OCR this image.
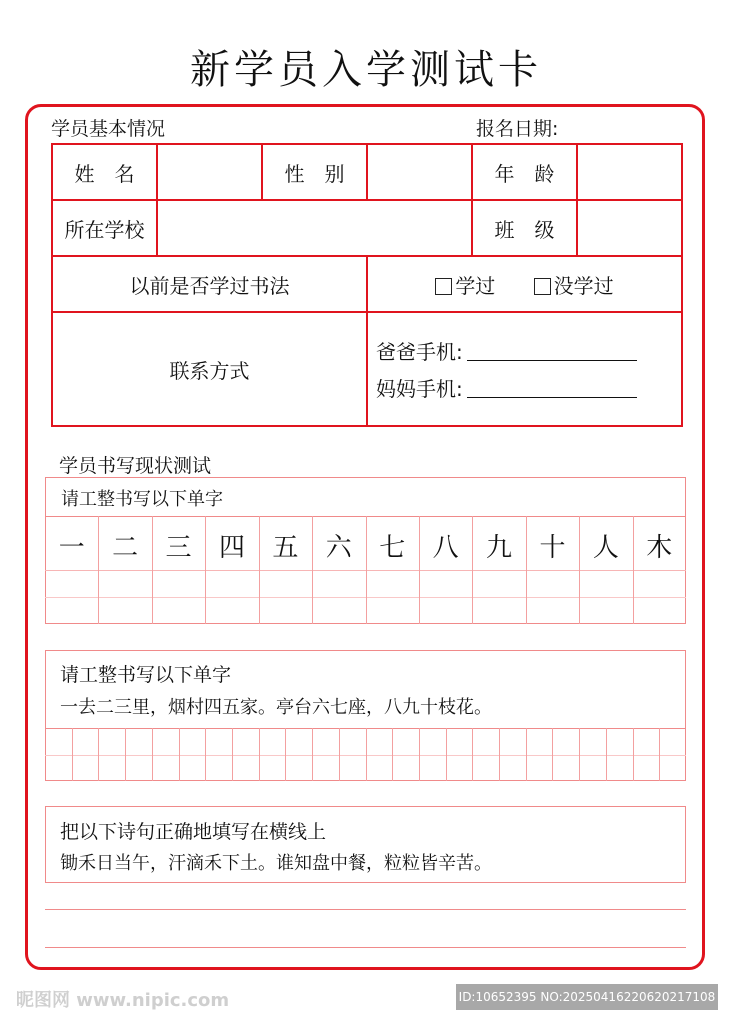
新学员入学测试卡
学员基本情况	报名日期:
姓　名		性　别		年　龄	
所在学校				班　级	
以前是否学过书法			学过 没学过		
联系方式			爸爸手机:
妈妈手机:		
学员书写现状测试
请工整书写以下单字
一	二	三	四	五	六	七	八	九	十	人	木
请工整书写以下单字
一去二三里，烟村四五家。亭台六七座，八九十枝花。
把以下诗句正确地填写在横线上
锄禾日当午，汗滴禾下土。谁知盘中餐，粒粒皆辛苦。
昵图网 www.nipic.com	ID:10652395 NO:20250416220620217108
